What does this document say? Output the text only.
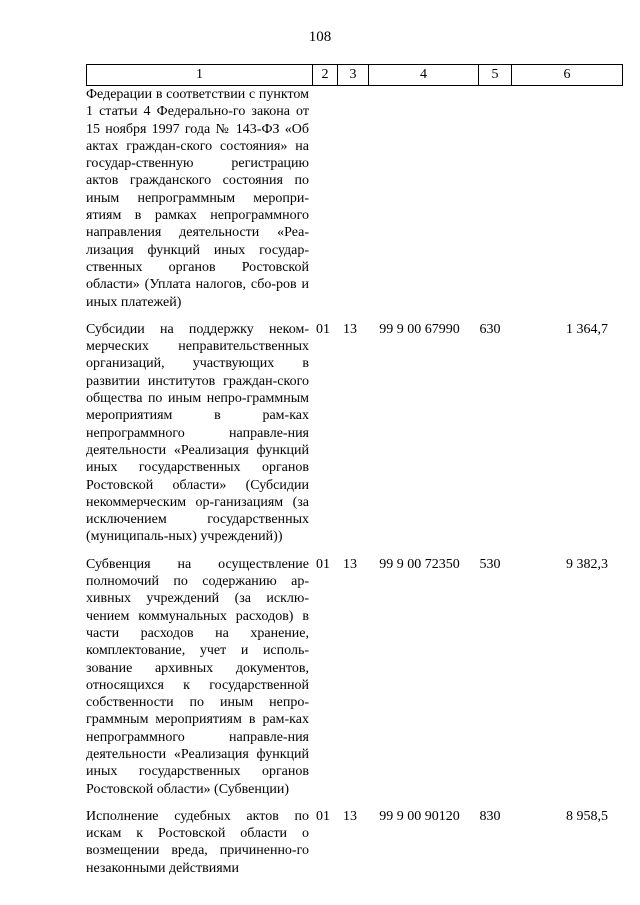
108
1	2	3	4	5	6
Федерации в соответствии с пунктом 1 статьи 4 Федерально-го закона от 15 ноября 1997 года № 143-ФЗ «Об актах граждан-ского состояния» на государ-ственную регистрацию актов гражданского состояния по иным непрограммным меропри-ятиям в рамках непрограммного направления деятельности «Реа-лизация функций иных государ-ственных органов Ростовской области» (Уплата налогов, сбо-ров и иных платежей)					

Субсидии на поддержку неком-мерческих неправительственных организаций, участвующих в развитии институтов граждан-ского общества по иным непро-граммным мероприятиям в рам-ках непрограммного направле-ния деятельности «Реализация функций иных государственных органов Ростовской области» (Субсидии некоммерческим ор-ганизациям (за исключением государственных (муниципаль-ных) учреждений))	01	13	99 9 00 67990	630	1 364,7

Субвенция на осуществление полномочий по содержанию ар-хивных учреждений (за исклю-чением коммунальных расходов) в части расходов на хранение, комплектование, учет и исполь-зование архивных документов, относящихся к государственной собственности по иным непро-граммным мероприятиям в рам-ках непрограммного направле-ния деятельности «Реализация функций иных государственных органов Ростовской области» (Субвенции)	01	13	99 9 00 72350	530	9 382,3

Исполнение судебных актов по искам к Ростовской области о возмещении вреда, причиненно-го незаконными действиями	01	13	99 9 00 90120	830	8 958,5
